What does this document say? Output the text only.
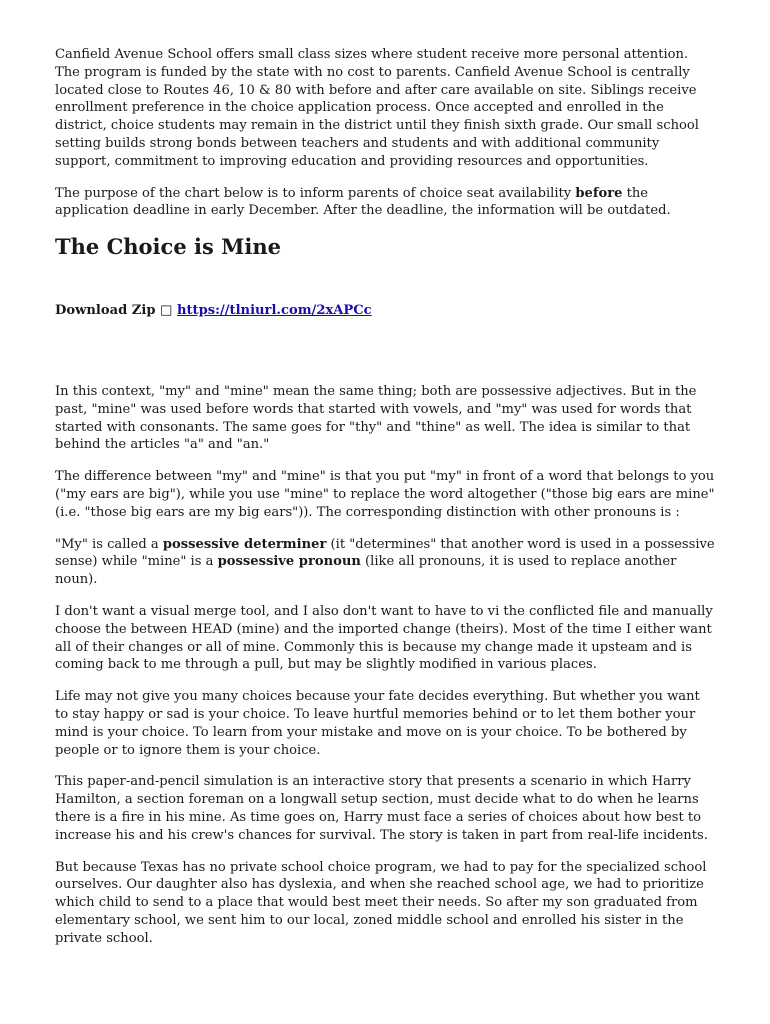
Canfield Avenue School offers small class sizes where student receive more personal attention. The program is funded by the state with no cost to parents. Canfield Avenue School is centrally located close to Routes 46, 10 & 80 with before and after care available on site. Siblings receive enrollment preference in the choice application process. Once accepted and enrolled in the district, choice students may remain in the district until they finish sixth grade. Our small school setting builds strong bonds between teachers and students and with additional community support, commitment to improving education and providing resources and opportunities.

The purpose of the chart below is to inform parents of choice seat availability before the application deadline in early December. After the deadline, the information will be outdated.

The Choice is Mine

Download Zip □ https://tlniurl.com/2xAPCc

In this context, "my" and "mine" mean the same thing; both are possessive adjectives. But in the past, "mine" was used before words that started with vowels, and "my" was used for words that started with consonants. The same goes for "thy" and "thine" as well. The idea is similar to that behind the articles "a" and "an."

The difference between "my" and "mine" is that you put "my" in front of a word that belongs to you ("my ears are big"), while you use "mine" to replace the word altogether ("those big ears are mine" (i.e. "those big ears are my big ears")). The corresponding distinction with other pronouns is :

"My" is called a possessive determiner (it "determines" that another word is used in a possessive sense) while "mine" is a possessive pronoun (like all pronouns, it is used to replace another noun).

I don't want a visual merge tool, and I also don't want to have to vi the conflicted file and manually choose the between HEAD (mine) and the imported change (theirs). Most of the time I either want all of their changes or all of mine. Commonly this is because my change made it upsteam and is coming back to me through a pull, but may be slightly modified in various places.

Life may not give you many choices because your fate decides everything. But whether you want to stay happy or sad is your choice. To leave hurtful memories behind or to let them bother your mind is your choice. To learn from your mistake and move on is your choice. To be bothered by people or to ignore them is your choice.

This paper-and-pencil simulation is an interactive story that presents a scenario in which Harry Hamilton, a section foreman on a longwall setup section, must decide what to do when he learns there is a fire in his mine. As time goes on, Harry must face a series of choices about how best to increase his and his crew's chances for survival. The story is taken in part from real-life incidents.

But because Texas has no private school choice program, we had to pay for the specialized school ourselves. Our daughter also has dyslexia, and when she reached school age, we had to prioritize which child to send to a place that would best meet their needs. So after my son graduated from elementary school, we sent him to our local, zoned middle school and enrolled his sister in the private school.
